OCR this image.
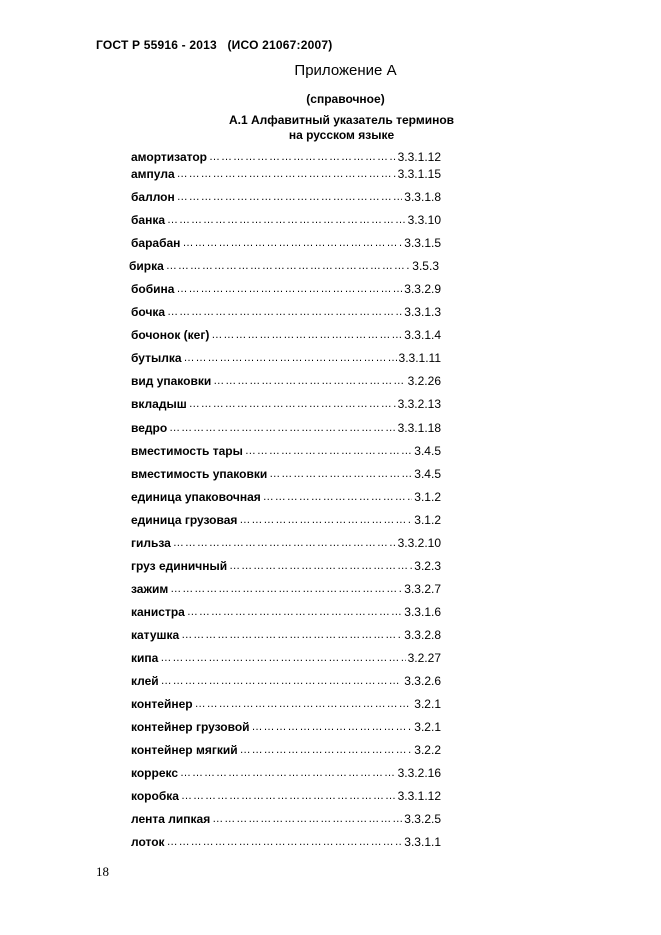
ГОСТ Р 55916 - 2013   (ИСО 21067:2007)
Приложение А
(справочное)
А.1 Алфавитный указатель терминов
на русском языке
амортизатор …………………………………………………………………………………………	3.3.1.12
ампула …………………………………………………………………………………………	3.3.1.15
баллон …………………………………………………………………………………………	3.3.1.8
банка …………………………………………………………………………………………	3.3.10
барабан …………………………………………………………………………………………	3.3.1.5
бирка …………………………………………………………………………………………	3.5.3
бобина …………………………………………………………………………………………	3.3.2.9
бочка …………………………………………………………………………………………	3.3.1.3
бочонок (кег) …………………………………………………………………………………………	3.3.1.4
бутылка …………………………………………………………………………………………	3.3.1.11
вид упаковки …………………………………………………………………………………………	3.2.26
вкладыш …………………………………………………………………………………………	3.3.2.13
ведро …………………………………………………………………………………………	3.3.1.18
вместимость тары …………………………………………………………………………………………	3.4.5
вместимость упаковки …………………………………………………………………………………………	3.4.5
единица упаковочная …………………………………………………………………………………………	3.1.2
единица грузовая …………………………………………………………………………………………	3.1.2
гильза …………………………………………………………………………………………	3.3.2.10
груз единичный …………………………………………………………………………………………	3.2.3
зажим …………………………………………………………………………………………	3.3.2.7
канистра …………………………………………………………………………………………	3.3.1.6
катушка …………………………………………………………………………………………	3.3.2.8
кипа …………………………………………………………………………………………	3.2.27
клей …………………………………………………………………………………………	3.3.2.6
контейнер …………………………………………………………………………………………	3.2.1
контейнер грузовой …………………………………………………………………………………………	3.2.1
контейнер мягкий …………………………………………………………………………………………	3.2.2
коррекс …………………………………………………………………………………………	3.3.2.16
коробка …………………………………………………………………………………………	3.3.1.12
лента липкая …………………………………………………………………………………………	3.3.2.5
лоток …………………………………………………………………………………………	3.3.1.1
18
